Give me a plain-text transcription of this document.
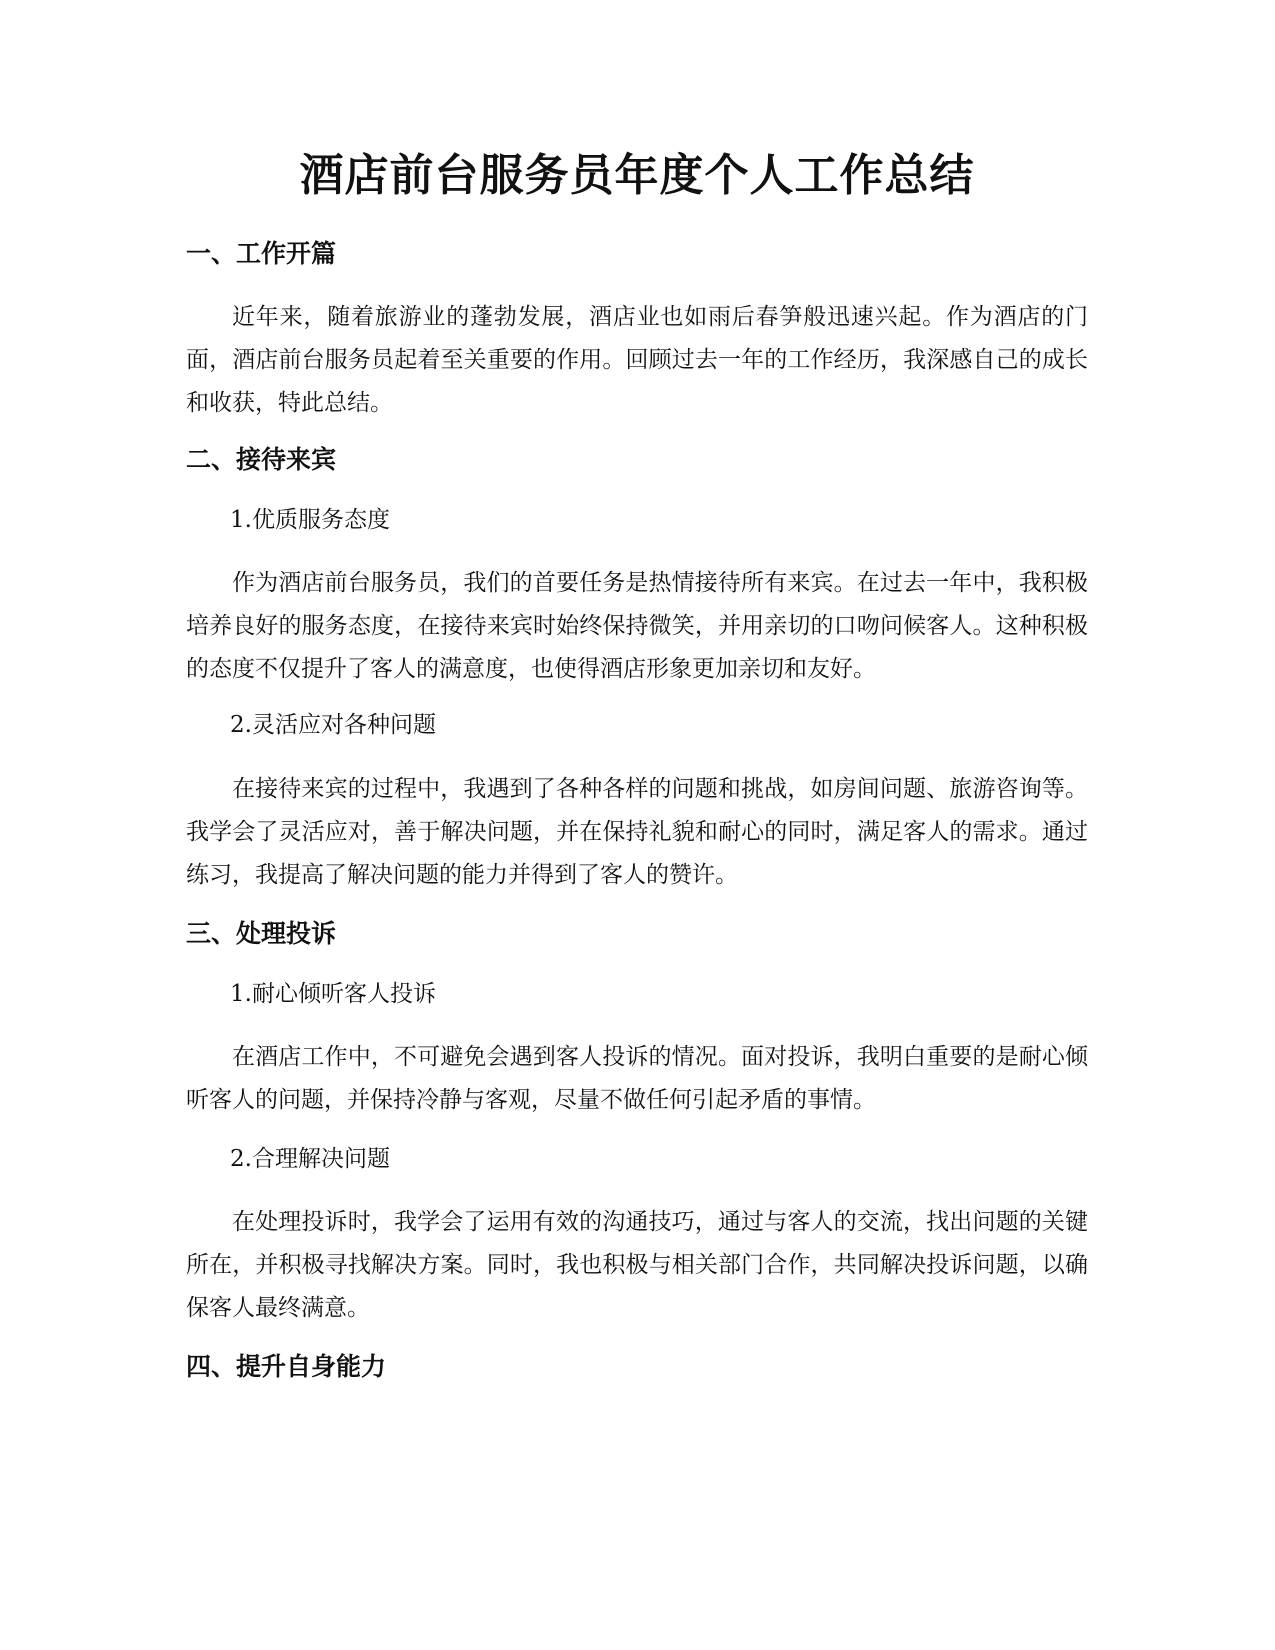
酒店前台服务员年度个人工作总结
一、工作开篇

近年来，随着旅游业的蓬勃发展，酒店业也如雨后春笋般迅速兴起。作为酒店的门面，酒店前台服务员起着至关重要的作用。回顾过去一年的工作经历，我深感自己的成长和收获，特此总结。

二、接待来宾

1.优质服务态度

作为酒店前台服务员，我们的首要任务是热情接待所有来宾。在过去一年中，我积极培养良好的服务态度，在接待来宾时始终保持微笑，并用亲切的口吻问候客人。这种积极的态度不仅提升了客人的满意度，也使得酒店形象更加亲切和友好。

2.灵活应对各种问题

在接待来宾的过程中，我遇到了各种各样的问题和挑战，如房间问题、旅游咨询等。我学会了灵活应对，善于解决问题，并在保持礼貌和耐心的同时，满足客人的需求。通过练习，我提高了解决问题的能力并得到了客人的赞许。

三、处理投诉

1.耐心倾听客人投诉

在酒店工作中，不可避免会遇到客人投诉的情况。面对投诉，我明白重要的是耐心倾听客人的问题，并保持冷静与客观，尽量不做任何引起矛盾的事情。

2.合理解决问题

在处理投诉时，我学会了运用有效的沟通技巧，通过与客人的交流，找出问题的关键所在，并积极寻找解决方案。同时，我也积极与相关部门合作，共同解决投诉问题，以确保客人最终满意。

四、提升自身能力
